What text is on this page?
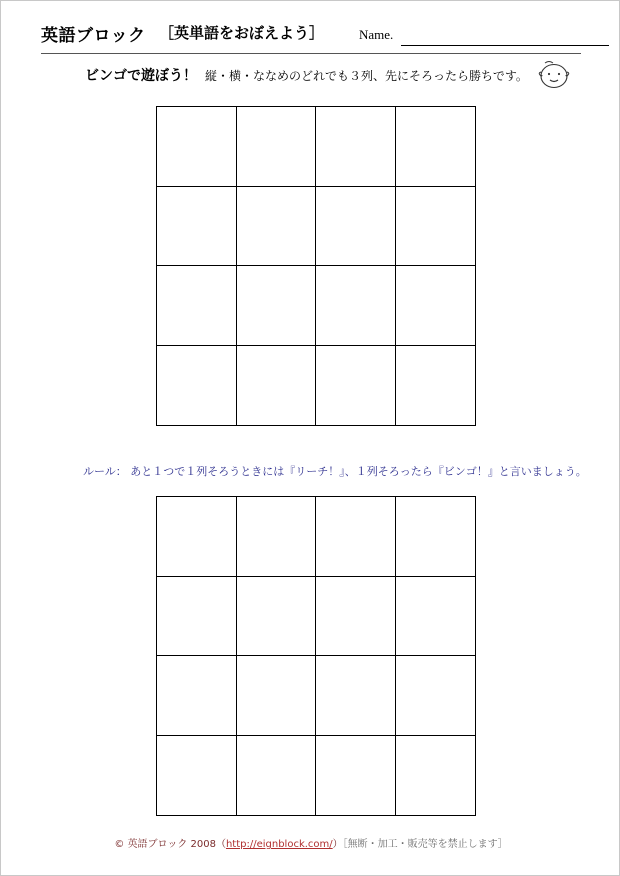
英語ブロック ［英単語をおぼえよう］	Name.
ビンゴで遊ぼう！ 縦・横・ななめのどれでも３列、先にそろったら勝ちです。
ルール： あと１つで１列そろうときには『リーチ！』、１列そろったら『ビンゴ！』と言いましょう。
© 英語ブロック 2008（http://eignblock.com/）［無断・加工・販売等を禁止します］
